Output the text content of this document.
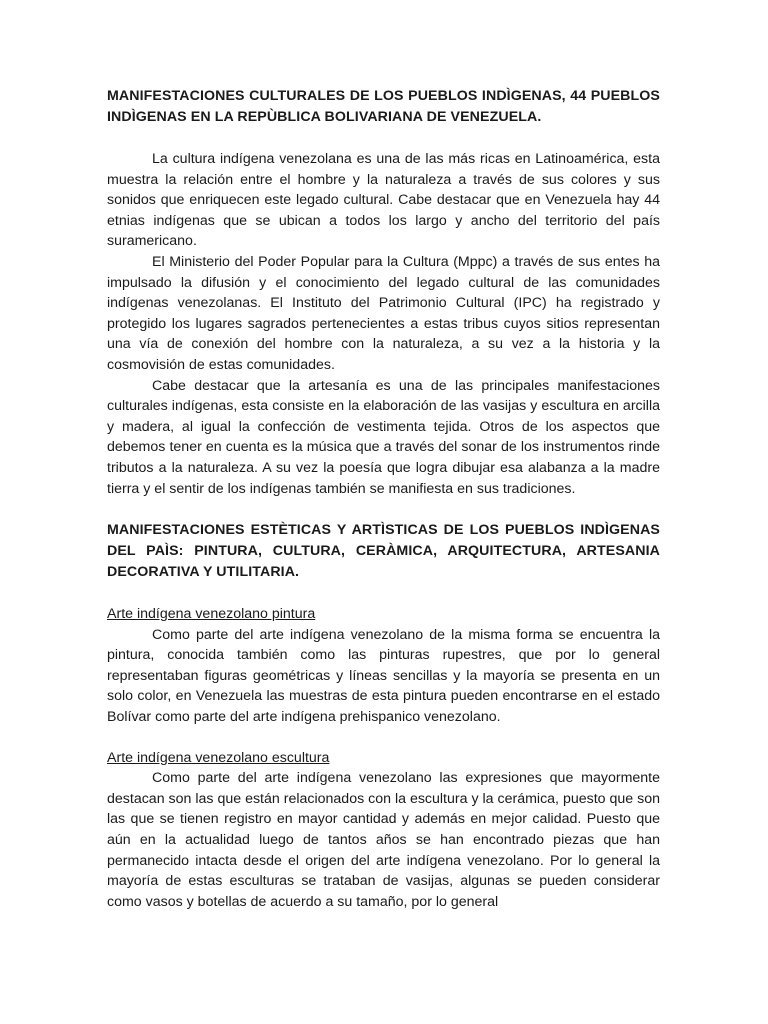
MANIFESTACIONES CULTURALES DE LOS PUEBLOS INDÌGENAS, 44 PUEBLOS INDÌGENAS EN LA REPÙBLICA BOLIVARIANA DE VENEZUELA.

La cultura indígena venezolana es una de las más ricas en Latinoamérica, esta muestra la relación entre el hombre y la naturaleza a través de sus colores y sus sonidos que enriquecen este legado cultural. Cabe destacar que en Venezuela hay 44 etnias indígenas que se ubican a todos los largo y ancho del territorio del país suramericano.

El Ministerio del Poder Popular para la Cultura (Mppc) a través de sus entes ha impulsado la difusión y el conocimiento del legado cultural de las comunidades indígenas venezolanas. El Instituto del Patrimonio Cultural (IPC) ha registrado y protegido los lugares sagrados pertenecientes a estas tribus cuyos sitios representan una vía de conexión del hombre con la naturaleza, a su vez a la historia y la cosmovisión de estas comunidades.

Cabe destacar que la artesanía es una de las principales manifestaciones culturales indígenas, esta consiste en la elaboración de las vasijas y escultura en arcilla y madera, al igual la confección de vestimenta tejida. Otros de los aspectos que debemos tener en cuenta es la música que a través del sonar de los instrumentos rinde tributos a la naturaleza. A su vez la poesía que logra dibujar esa alabanza a la madre tierra y el sentir de los indígenas también se manifiesta en sus tradiciones.

MANIFESTACIONES ESTÈTICAS Y ARTÌSTICAS DE LOS PUEBLOS INDÌGENAS DEL PAÌS: PINTURA, CULTURA, CERÀMICA, ARQUITECTURA, ARTESANIA DECORATIVA Y UTILITARIA.

Arte indígena venezolano pintura

Como parte del arte indígena venezolano de la misma forma se encuentra la pintura, conocida también como las pinturas rupestres, que por lo general representaban figuras geométricas y líneas sencillas y la mayoría se presenta en un solo color, en Venezuela las muestras de esta pintura pueden encontrarse en el estado Bolívar como parte del arte indígena prehispanico venezolano.

Arte indígena venezolano escultura

Como parte del arte indígena venezolano las expresiones que mayormente destacan son las que están relacionados con la escultura y la cerámica, puesto que son las que se tienen registro en mayor cantidad y además en mejor calidad. Puesto que aún en la actualidad luego de tantos años se han encontrado piezas que han permanecido intacta desde el origen del arte indígena venezolano. Por lo general la mayoría de estas esculturas se trataban de vasijas, algunas se pueden considerar como vasos y botellas de acuerdo a su tamaño, por lo general
